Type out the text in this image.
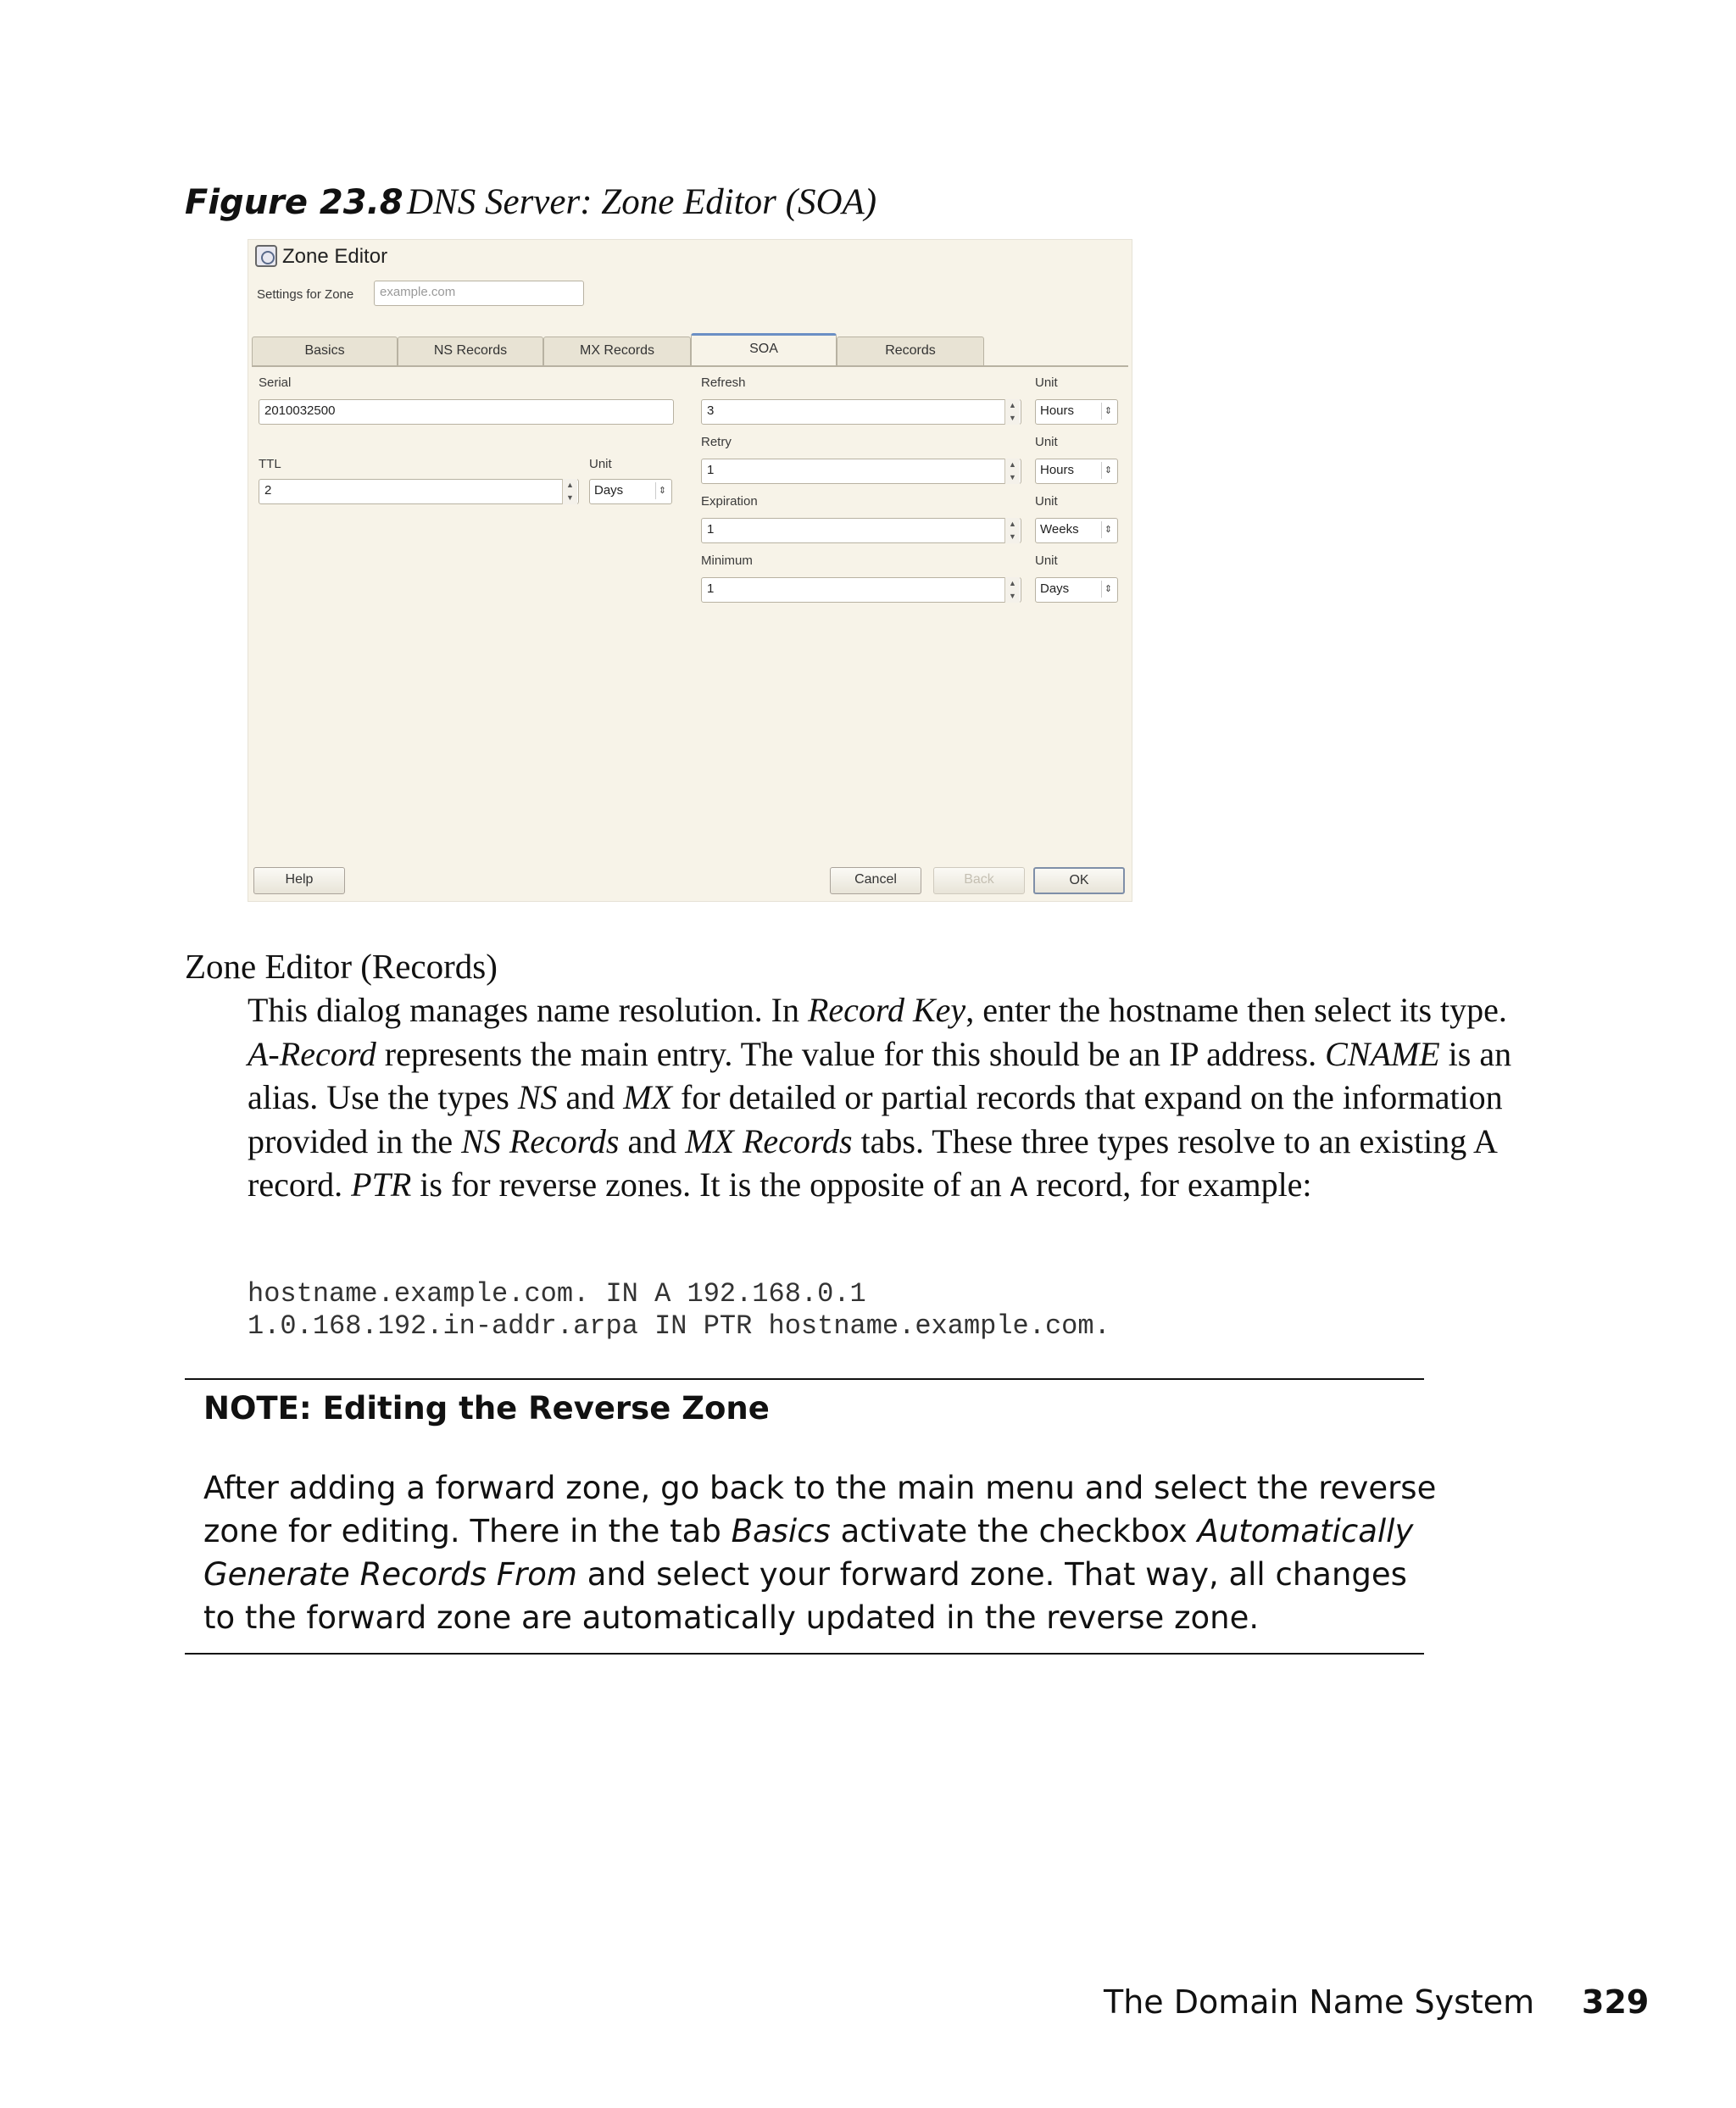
Figure 23.8 DNS Server: Zone Editor (SOA)
Zone Editor
Settings for Zone	example.com
Basics	NS Records	MX Records	SOA	Records
Serial
2010032500
TTL
2
▲ ▼
Unit
Days	⇕
Refresh
3
▲ ▼
Unit
Hours	⇕
Retry
1
▲ ▼
Unit
Hours	⇕
Expiration
1
▲ ▼
Unit
Weeks	⇕
Minimum
1
▲ ▼
Unit
Days	⇕
Help	Cancel	Back	OK
Zone Editor (Records)
This dialog manages name resolution. In Record Key, enter the hostname then select its type. A-Record represents the main entry. The value for this should be an IP address. CNAME is an alias. Use the types NS and MX for detailed or partial records that expand on the information provided in the NS Records and MX Records tabs. These three types resolve to an existing A record. PTR is for reverse zones. It is the opposite of an A record, for example:
hostname.example.com. IN A 192.168.0.1
1.0.168.192.in-addr.arpa IN PTR hostname.example.com.
NOTE: Editing the Reverse Zone
After adding a forward zone, go back to the main menu and select the reverse zone for editing. There in the tab Basics activate the checkbox Automatically Generate Records From and select your forward zone. That way, all changes to the forward zone are automatically updated in the reverse zone.
The Domain Name System 329
